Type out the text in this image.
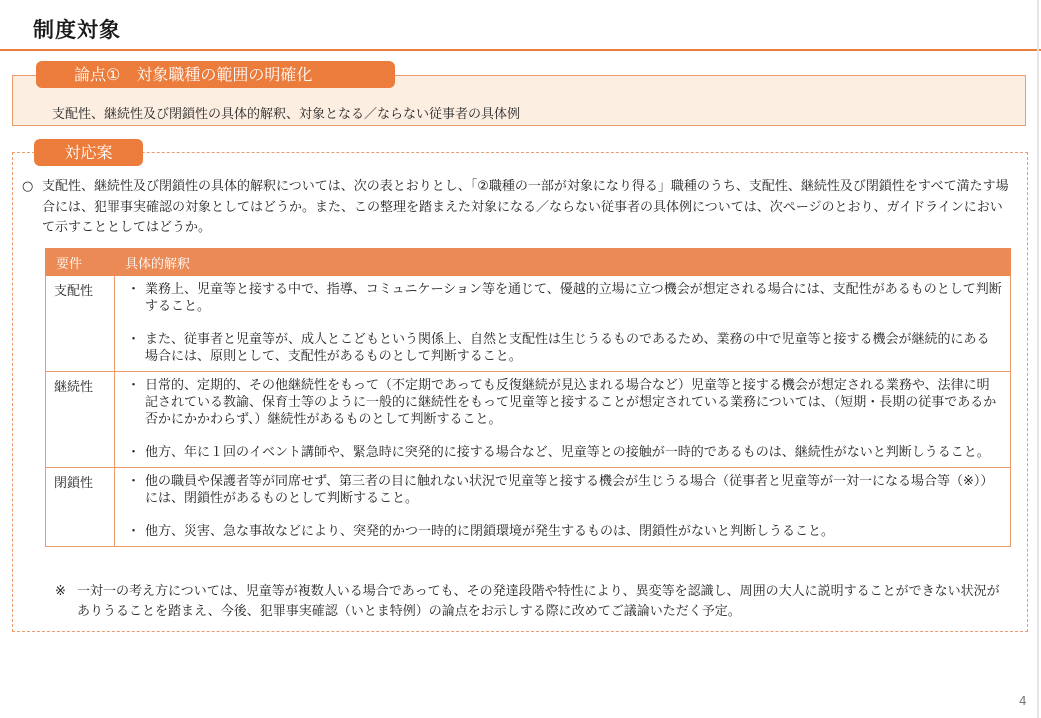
制度対象
論点① 対象職種の範囲の明確化
支配性、継続性及び閉鎖性の具体的解釈、対象となる／ならない従事者の具体例
対応案
○ 支配性、継続性及び閉鎖性の具体的解釈については、次の表とおりとし、「②職種の一部が対象になり得る」職種のうち、支配性、継続性及び閉鎖性をすべて満たす場合には、犯罪事実確認の対象としてはどうか。また、この整理を踏まえた対象になる／ならない従事者の具体例については、次ページのとおり、ガイドラインにおいて示すこととしてはどうか。
要件	具体的解釈
支配性	・ 業務上、児童等と接する中で、指導、コミュニケーション等を通じて、優越的立場に立つ機会が想定される場合には、支配性があるものとして判断すること。
・ また、従事者と児童等が、成人とこどもという関係上、自然と支配性は生じうるものであるため、業務の中で児童等と接する機会が継続的にある場合には、原則として、支配性があるものとして判断すること。

継続性	・ 日常的、定期的、その他継続性をもって（不定期であっても反復継続が見込まれる場合など）児童等と接する機会が想定される業務や、法律に明記されている教諭、保育士等のように一般的に継続性をもって児童等と接することが想定されている業務については、（短期・長期の従事であるか否かにかかわらず、）継続性があるものとして判断すること。
・ 他方、年に１回のイベント講師や、緊急時に突発的に接する場合など、児童等との接触が一時的であるものは、継続性がないと判断しうること。

閉鎖性	・ 他の職員や保護者等が同席せず、第三者の目に触れない状況で児童等と接する機会が生じうる場合（従事者と児童等が一対一になる場合等（※））には、閉鎖性があるものとして判断すること。
・ 他方、災害、急な事故などにより、突発的かつ一時的に閉鎖環境が発生するものは、閉鎖性がないと判断しうること。
※ 一対一の考え方については、児童等が複数人いる場合であっても、その発達段階や特性により、異変等を認識し、周囲の大人に説明することができない状況がありうることを踏まえ、今後、犯罪事実確認（いとま特例）の論点をお示しする際に改めてご議論いただく予定。
4
